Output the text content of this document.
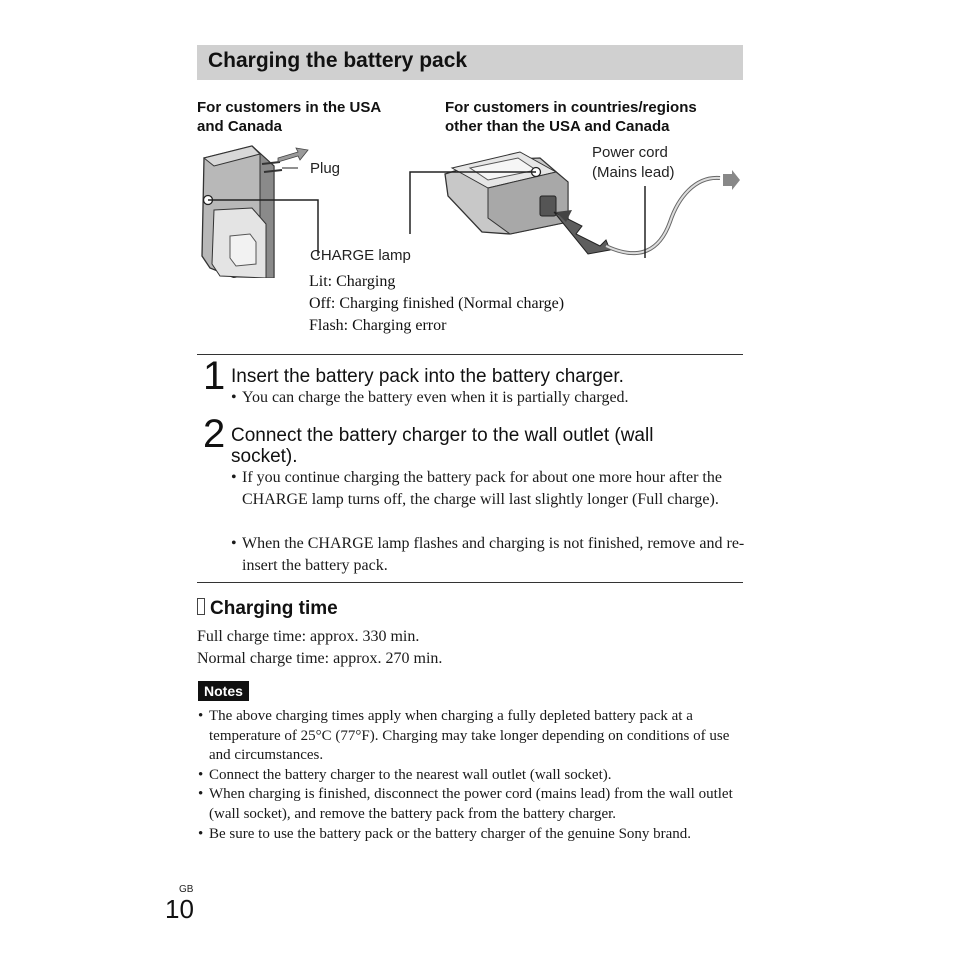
Charging the battery pack
For customers in the USA
and Canada
For customers in countries/regions
other than the USA and Canada
Plug
Power cord
(Mains lead)
CHARGE lamp
Lit: Charging
Off: Charging finished (Normal charge)
Flash: Charging error
1 Insert the battery pack into the battery charger.
• You can charge the battery even when it is partially charged.
2 Connect the battery charger to the wall outlet (wall
socket).
• If you continue charging the battery pack for about one more hour after the CHARGE lamp turns off, the charge will last slightly longer (Full charge).
• When the CHARGE lamp flashes and charging is not finished, remove and re-insert the battery pack.
Charging time
Full charge time: approx. 330 min.
Normal charge time: approx. 270 min.
Notes
• The above charging times apply when charging a fully depleted battery pack at a temperature of 25°C (77°F). Charging may take longer depending on conditions of use and circumstances.
• Connect the battery charger to the nearest wall outlet (wall socket).
• When charging is finished, disconnect the power cord (mains lead) from the wall outlet (wall socket), and remove the battery pack from the battery charger.
• Be sure to use the battery pack or the battery charger of the genuine Sony brand.
GB
10
